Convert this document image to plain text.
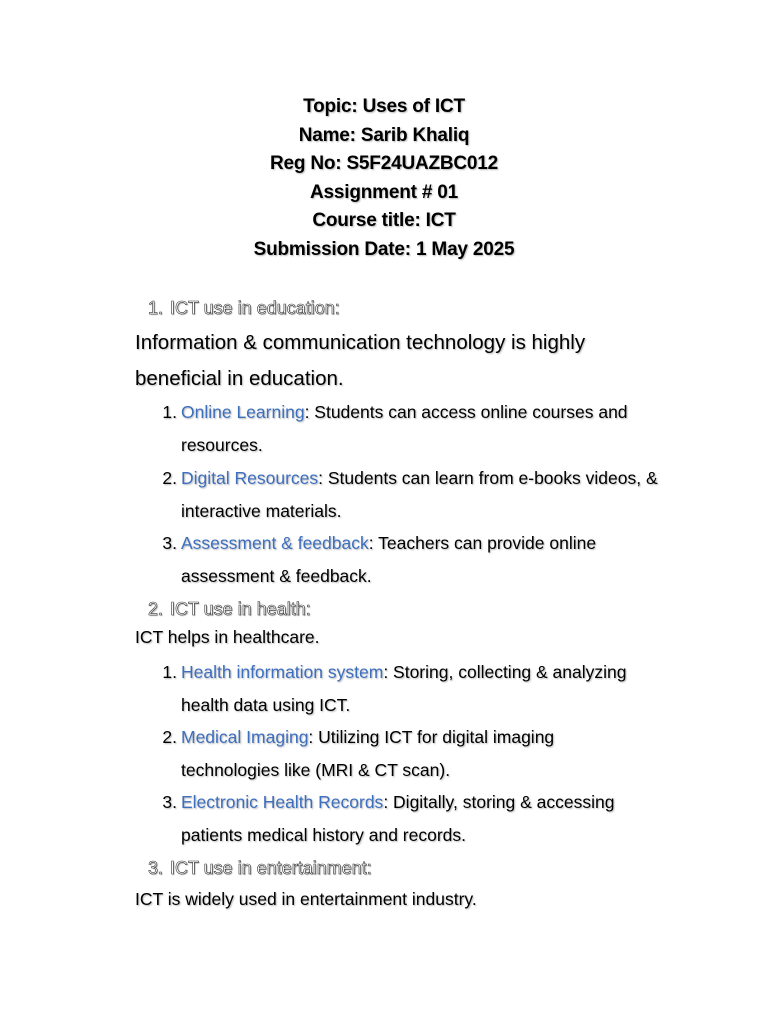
Topic: Uses of ICT
Name: Sarib Khaliq
Reg No: S5F24UAZBC012
Assignment # 01
Course title: ICT
Submission Date: 1 May 2025
1. ICT use in education:
Information & communication technology is highly
beneficial in education.
1. Online Learning: Students can access online courses and
resources.
2. Digital Resources: Students can learn from e-books videos, &
interactive materials.
3. Assessment & feedback: Teachers can provide online
assessment & feedback.
2. ICT use in health:
ICT helps in healthcare.
1. Health information system: Storing, collecting & analyzing
health data using ICT.
2. Medical Imaging: Utilizing ICT for digital imaging
technologies like (MRI & CT scan).
3. Electronic Health Records: Digitally, storing & accessing
patients medical history and records.
3. ICT use in entertainment:
ICT is widely used in entertainment industry.
